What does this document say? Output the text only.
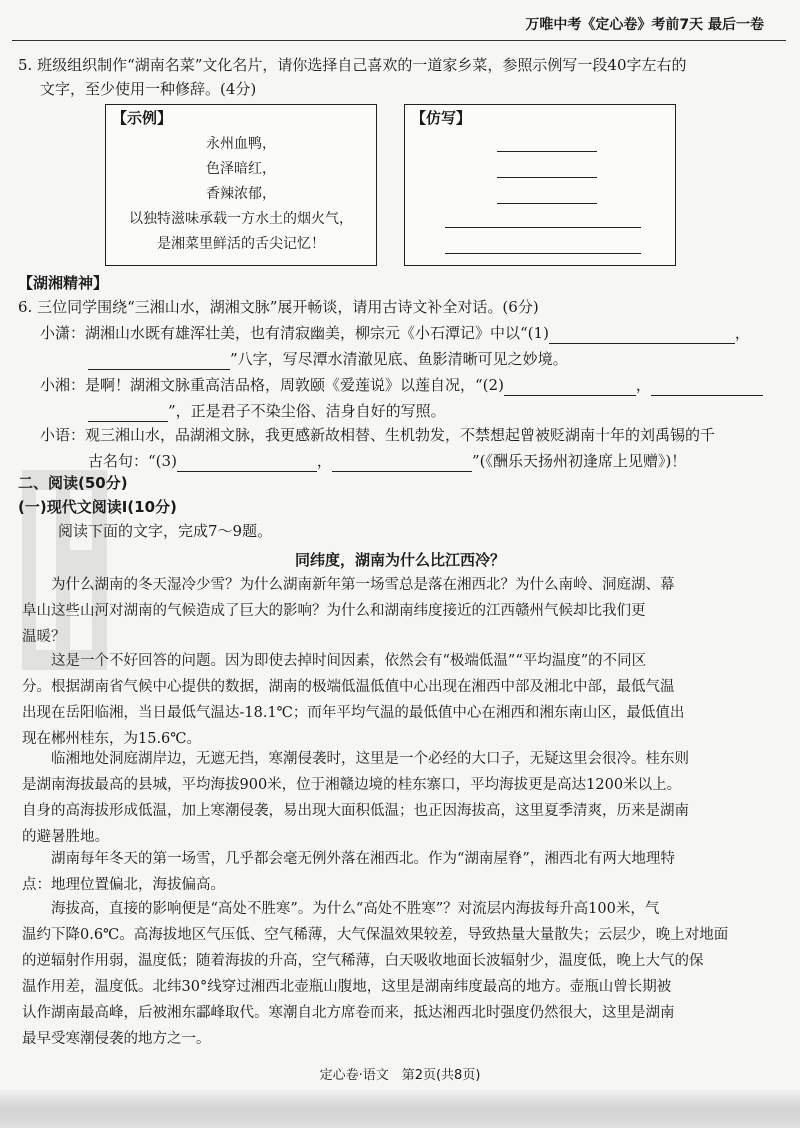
万唯中考《定心卷》考前7天 最后一卷
5. 班级组织制作“湖南名菜”文化名片，请你选择自己喜欢的一道家乡菜，参照示例写一段40字左右的
文字，至少使用一种修辞。(4分)
【示例】
永州血鸭，
色泽暗红，
香辣浓郁，
以独特滋味承载一方水土的烟火气，
是湘菜里鲜活的舌尖记忆！
【仿写】
【湖湘精神】
6. 三位同学围绕“三湘山水，湖湘文脉”展开畅谈，请用古诗文补全对话。(6分)
小潇：湖湘山水既有雄浑壮美，也有清寂幽美，柳宗元《小石潭记》中以“(1)	，
”八字，写尽潭水清澈见底、鱼影清晰可见之妙境。
小湘：是啊！湖湘文脉重高洁品格，周敦颐《爱莲说》以莲自况，“(2)	，
”，正是君子不染尘俗、洁身自好的写照。
小语：观三湘山水，品湖湘文脉，我更感新故相替、生机勃发，不禁想起曾被贬湖南十年的刘禹锡的千
古名句：“(3)	，	”(《酬乐天扬州初逢席上见赠》)！
二、阅读(50分)
(一)现代文阅读Ⅰ(10分)
阅读下面的文字，完成7～9题。
同纬度，湖南为什么比江西冷？
　　为什么湖南的冬天湿冷少雪？为什么湖南新年第一场雪总是落在湘西北？为什么南岭、洞庭湖、幕
阜山这些山河对湖南的气候造成了巨大的影响？为什么和湖南纬度接近的江西赣州气候却比我们更
温暖？
　　这是一个不好回答的问题。因为即使去掉时间因素，依然会有“极端低温”“平均温度”的不同区
分。根据湖南省气候中心提供的数据，湖南的极端低温低值中心出现在湘西中部及湘北中部，最低气温
出现在岳阳临湘，当日最低气温达-18.1℃；而年平均气温的最低值中心在湘西和湘东南山区，最低值出
现在郴州桂东，为15.6℃。
　　临湘地处洞庭湖岸边，无遮无挡，寒潮侵袭时，这里是一个必经的大口子，无疑这里会很冷。桂东则
是湖南海拔最高的县城，平均海拔900米，位于湘赣边境的桂东寨口，平均海拔更是高达1200米以上。
自身的高海拔形成低温，加上寒潮侵袭，易出现大面积低温；也正因海拔高，这里夏季清爽，历来是湖南
的避暑胜地。
　　湖南每年冬天的第一场雪，几乎都会毫无例外落在湘西北。作为“湖南屋脊”，湘西北有两大地理特
点：地理位置偏北，海拔偏高。
　　海拔高，直接的影响便是“高处不胜寒”。为什么“高处不胜寒”？对流层内海拔每升高100米，气
温约下降0.6℃。高海拔地区气压低、空气稀薄，大气保温效果较差，导致热量大量散失；云层少，晚上对地面
的逆辐射作用弱，温度低；随着海拔的升高，空气稀薄，白天吸收地面长波辐射少，温度低，晚上大气的保
温作用差，温度低。北纬30°线穿过湘西北壶瓶山腹地，这里是湖南纬度最高的地方。壶瓶山曾长期被
认作湖南最高峰，后被湘东酃峰取代。寒潮自北方席卷而来，抵达湘西北时强度仍然很大，这里是湖南
最早受寒潮侵袭的地方之一。
定心卷·语文　第2页(共8页)
